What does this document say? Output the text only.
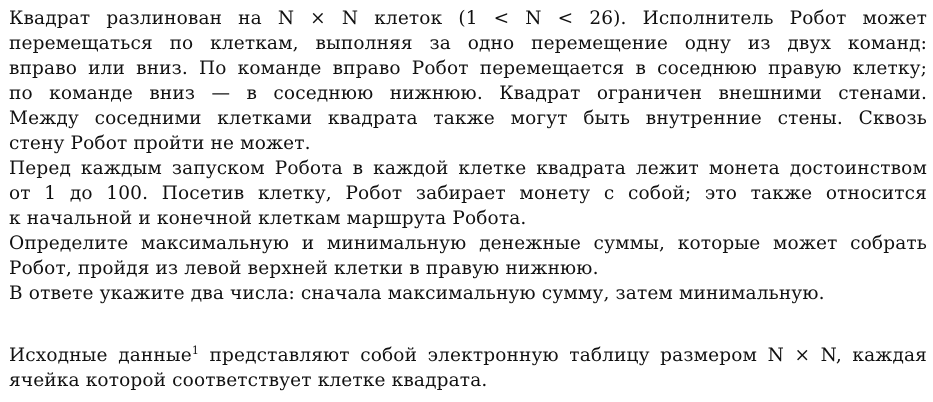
Квадрат разлинован на N × N клеток (1 < N < 26). Исполнитель Робот может
перемещаться по клеткам, выполняя за одно перемещение одну из двух команд:
вправо или вниз. По команде вправо Робот перемещается в соседнюю правую клетку;
по команде вниз — в соседнюю нижнюю. Квадрат ограничен внешними стенами.
Между соседними клетками квадрата также могут быть внутренние стены. Сквозь
стену Робот пройти не может.
Перед каждым запуском Робота в каждой клетке квадрата лежит монета достоинством
от 1 до 100. Посетив клетку, Робот забирает монету с собой; это также относится
к начальной и конечной клеткам маршрута Робота.
Определите максимальную и минимальную денежные суммы, которые может собрать
Робот, пройдя из левой верхней клетки в правую нижнюю.
В ответе укажите два числа: сначала максимальную сумму, затем минимальную.
Исходные данные$^1$ представляют собой электронную таблицу размером N × N, каждая
ячейка которой соответствует клетке квадрата.
